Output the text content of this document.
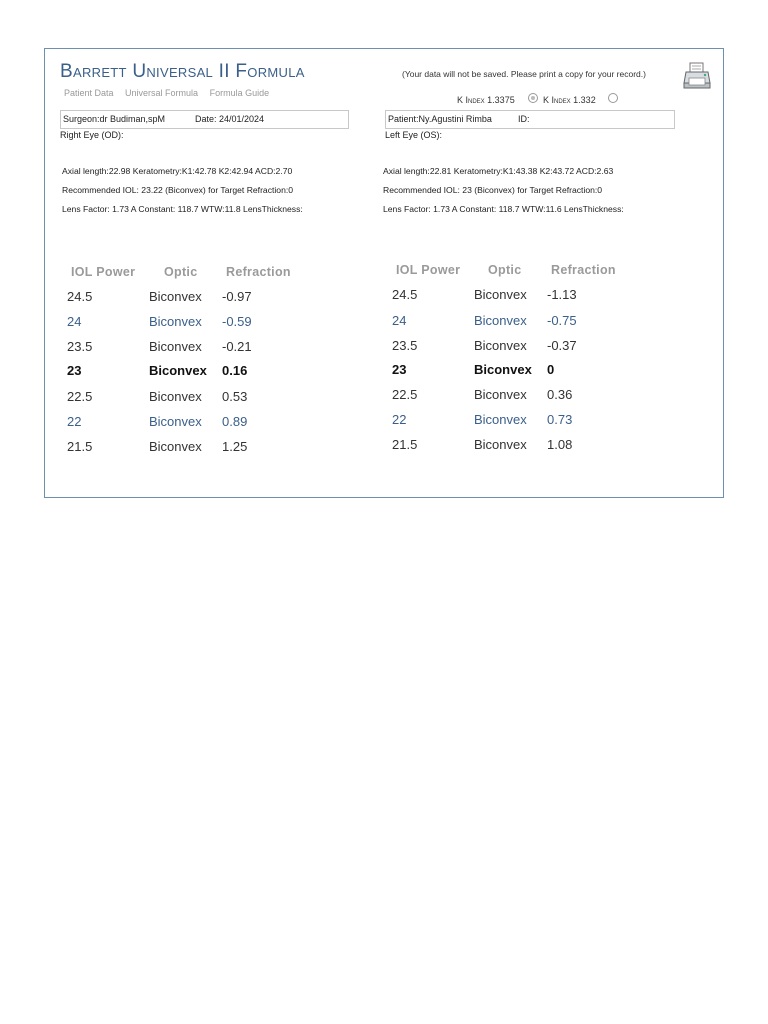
Barrett Universal II Formula
Patient Data Universal Formula Formula Guide
(Your data will not be saved. Please print a copy for your record.)
K Index 1.3375	K Index 1.332
Surgeon:dr Budiman,spM	Date: 24/01/2024	Patient:Ny.Agustini Rimba	ID:
Right Eye (OD):	Left Eye (OS):
Axial length:22.98 Keratometry:K1:42.78 K2:42.94 ACD:2.70
Recommended IOL: 23.22 (Biconvex) for Target Refraction:0
Lens Factor: 1.73 A Constant: 118.7 WTW:11.8 LensThickness:
Axial length:22.81 Keratometry:K1:43.38 K2:43.72 ACD:2.63
Recommended IOL: 23 (Biconvex) for Target Refraction:0
Lens Factor: 1.73 A Constant: 118.7 WTW:11.6 LensThickness:
IOL Power Optic Refraction
24.5	Biconvex -0.97
24	Biconvex -0.59
23.5	Biconvex -0.21
23	Biconvex 0.16
22.5	Biconvex 0.53
22	Biconvex 0.89
21.5	Biconvex 1.25
IOL Power Optic Refraction
24.5	Biconvex -1.13
24	Biconvex -0.75
23.5	Biconvex -0.37
23	Biconvex 0
22.5	Biconvex 0.36
22	Biconvex 0.73
21.5	Biconvex 1.08
